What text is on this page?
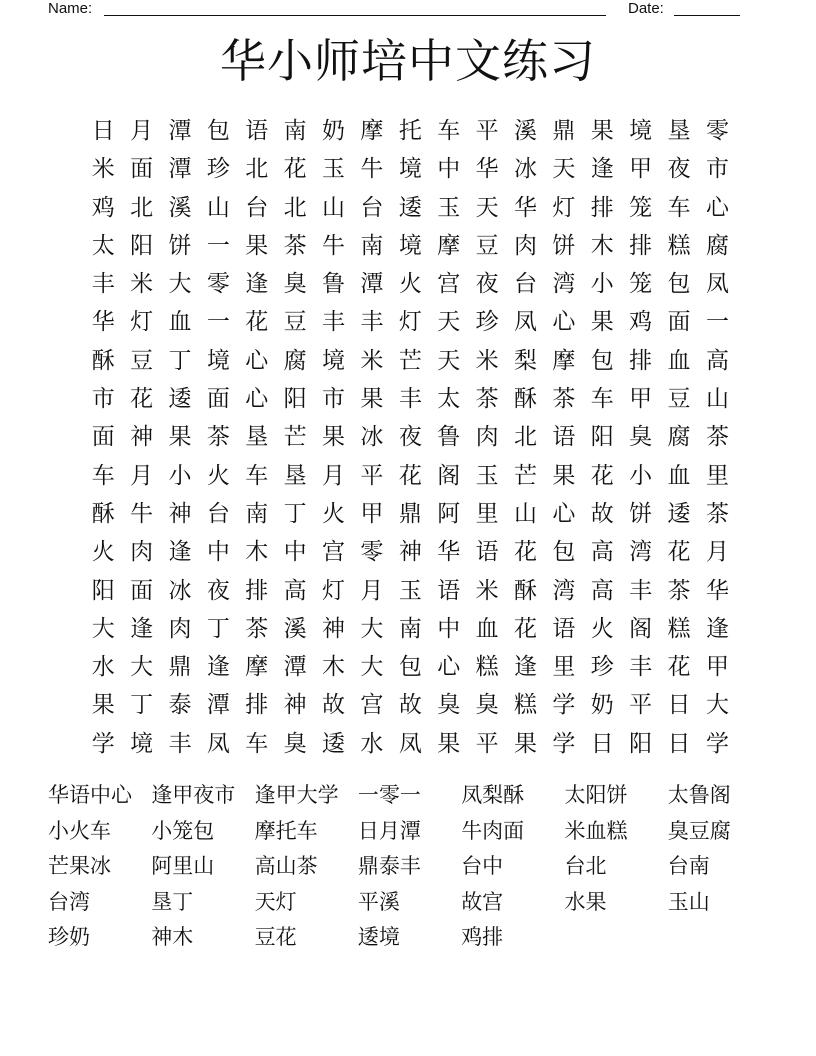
Name:	Date:
华小师培中文练习
日 月 潭 包 语 南 奶 摩 托 车 平 溪 鼎 果 境 垦 零
米 面 潭 珍 北 花 玉 牛 境 中 华 冰 天 逢 甲 夜 市
鸡 北 溪 山 台 北 山 台 逶 玉 天 华 灯 排 笼 车 心
太 阳 饼 一 果 茶 牛 南 境 摩 豆 肉 饼 木 排 糕 腐
丰 米 大 零 逢 臭 鲁 潭 火 宫 夜 台 湾 小 笼 包 凤
华 灯 血 一 花 豆 丰 丰 灯 天 珍 凤 心 果 鸡 面 一
酥 豆 丁 境 心 腐 境 米 芒 天 米 梨 摩 包 排 血 高
市 花 逶 面 心 阳 市 果 丰 太 茶 酥 茶 车 甲 豆 山
面 神 果 茶 垦 芒 果 冰 夜 鲁 肉 北 语 阳 臭 腐 茶
车 月 小 火 车 垦 月 平 花 阁 玉 芒 果 花 小 血 里
酥 牛 神 台 南 丁 火 甲 鼎 阿 里 山 心 故 饼 逶 茶
火 肉 逢 中 木 中 宫 零 神 华 语 花 包 高 湾 花 月
阳 面 冰 夜 排 高 灯 月 玉 语 米 酥 湾 高 丰 茶 华
大 逢 肉 丁 茶 溪 神 大 南 中 血 花 语 火 阁 糕 逢
水 大 鼎 逢 摩 潭 木 大 包 心 糕 逢 里 珍 丰 花 甲
果 丁 泰 潭 排 神 故 宫 故 臭 臭 糕 学 奶 平 日 大
学 境 丰 凤 车 臭 逶 水 凤 果 平 果 学 日 阳 日 学
华语中心 逢甲夜市 逢甲大学 一零一	凤梨酥	太阳饼	太鲁阁
小火车	小笼包	摩托车	日月潭	牛肉面	米血糕	臭豆腐
芒果冰	阿里山	高山茶	鼎泰丰	台中	台北	台南
台湾	垦丁	天灯	平溪	故宫	水果	玉山
珍奶	神木	豆花	逶境	鸡排
